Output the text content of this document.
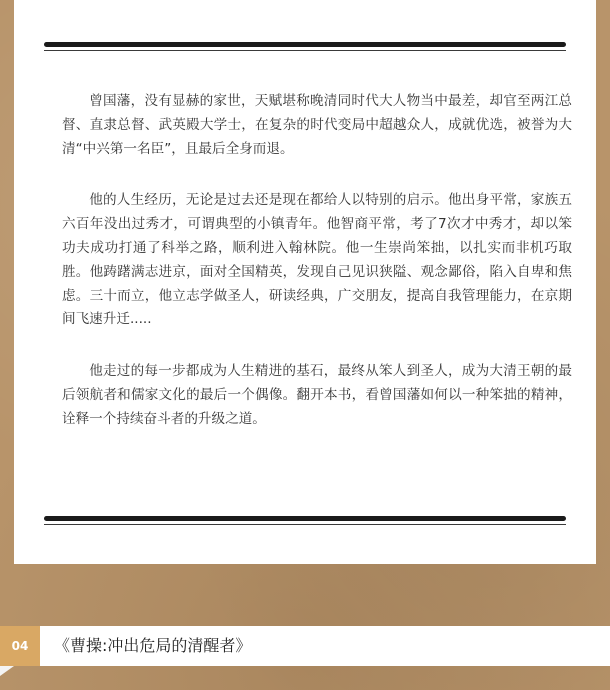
曾国藩，没有显赫的家世，天赋堪称晚清同时代大人物当中最差，却官至两江总督、直隶总督、武英殿大学士，在复杂的时代变局中超越众人，成就优选，被誉为大清“中兴第一名臣”，且最后全身而退。

他的人生经历，无论是过去还是现在都给人以特别的启示。他出身平常，家族五六百年没出过秀才，可谓典型的小镇青年。他智商平常，考了7次才中秀才，却以笨功夫成功打通了科举之路，顺利进入翰林院。他一生崇尚笨拙，以扎实而非机巧取胜。他踌躇满志进京，面对全国精英，发现自己见识狭隘、观念鄙俗，陷入自卑和焦虑。三十而立，他立志学做圣人，研读经典，广交朋友，提高自我管理能力，在京期间飞速升迁.....

他走过的每一步都成为人生精进的基石，最终从笨人到圣人，成为大清王朝的最后领航者和儒家文化的最后一个偶像。翻开本书，看曾国藩如何以一种笨拙的精神，诠释一个持续奋斗者的升级之道。

04	《曹操:冲出危局的清醒者》
